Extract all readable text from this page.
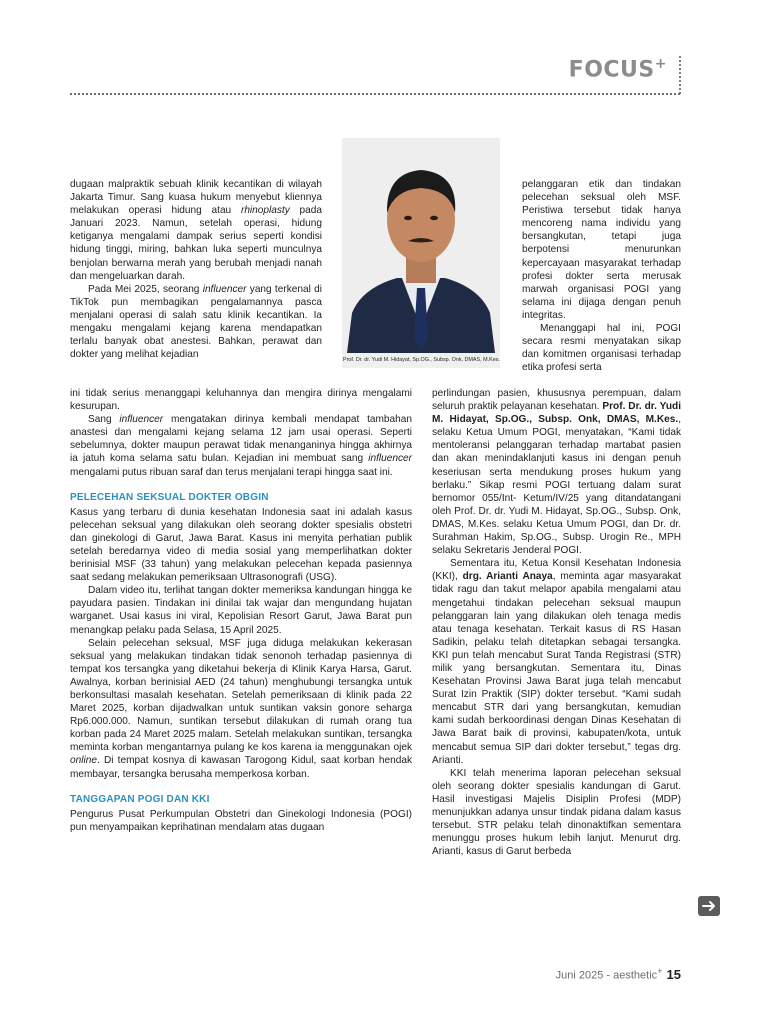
FOCUS+
Prof. Dr. dr. Yudi M. Hidayat, Sp.OG., Subsp. Onk, DMAS, M.Kes.

dugaan malpraktik sebuah klinik kecantikan di wilayah Jakarta Timur. Sang kuasa hukum menyebut kliennya melakukan operasi hidung atau rhinoplasty pada Januari 2023. Namun, setelah operasi, hidung ketiganya mengalami dampak serius seperti kondisi hidung tinggi, miring, bahkan luka seperti munculnya benjolan berwarna merah yang berubah menjadi nanah dan mengeluarkan darah.

Pada Mei 2025, seorang influencer yang terkenal di TikTok pun membagikan pengalamannya pasca menjalani operasi di salah satu klinik kecantikan. Ia mengaku mengalami kejang karena mendapatkan terlalu banyak obat anestesi. Bahkan, perawat dan dokter yang melihat kejadian

ini tidak serius menanggapi keluhannya dan mengira dirinya mengalami kesurupan.

Sang influencer mengatakan dirinya kembali mendapat tambahan anastesi dan mengalami kejang selama 12 jam usai operasi. Seperti sebelumnya, dokter maupun perawat tidak menanganinya hingga akhirnya ia jatuh koma selama satu bulan. Kejadian ini membuat sang influencer mengalami putus ribuan saraf dan terus menjalani terapi hingga saat ini.

PELECEHAN SEKSUAL DOKTER OBGIN

Kasus yang terbaru di dunia kesehatan Indonesia saat ini adalah kasus pelecehan seksual yang dilakukan oleh seorang dokter spesialis obstetri dan ginekologi di Garut, Jawa Barat. Kasus ini menyita perhatian publik setelah beredarnya video di media sosial yang memperlihatkan dokter berinisial MSF (33 tahun) yang melakukan pelecehan kepada pasiennya saat sedang melakukan pemeriksaan Ultrasonografi (USG).

Dalam video itu, terlihat tangan dokter memeriksa kandungan hingga ke payudara pasien. Tindakan ini dinilai tak wajar dan mengundang hujatan warganet. Usai kasus ini viral, Kepolisian Resort Garut, Jawa Barat pun menangkap pelaku pada Selasa, 15 April 2025.

Selain pelecehan seksual, MSF juga diduga melakukan kekerasan seksual yang melakukan tindakan tidak senonoh terhadap pasiennya di tempat kos tersangka yang diketahui bekerja di Klinik Karya Harsa, Garut. Awalnya, korban berinisial AED (24 tahun) menghubungi tersangka untuk berkonsultasi masalah kesehatan. Setelah pemeriksaan di klinik pada 22 Maret 2025, korban dijadwalkan untuk suntikan vaksin gonore seharga Rp6.000.000. Namun, suntikan tersebut dilakukan di rumah orang tua korban pada 24 Maret 2025 malam. Setelah melakukan suntikan, tersangka meminta korban mengantarnya pulang ke kos karena ia menggunakan ojek online. Di tempat kosnya di kawasan Tarogong Kidul, saat korban hendak membayar, tersangka berusaha memperkosa korban.

TANGGAPAN POGI DAN KKI

Pengurus Pusat Perkumpulan Obstetri dan Ginekologi Indonesia (POGI) pun menyampaikan keprihatinan mendalam atas dugaan

pelanggaran etik dan tindakan pelecehan seksual oleh MSF. Peristiwa tersebut tidak hanya mencoreng nama individu yang bersangkutan, tetapi juga berpotensi menurunkan kepercayaan masyarakat terhadap profesi dokter serta merusak marwah organisasi POGI yang selama ini dijaga dengan penuh integritas.

Menanggapi hal ini, POGI secara resmi menyatakan sikap dan komitmen organisasi terhadap etika profesi serta

perlindungan pasien, khususnya perempuan, dalam seluruh praktik pelayanan kesehatan. Prof. Dr. dr. Yudi M. Hidayat, Sp.OG., Subsp. Onk, DMAS, M.Kes., selaku Ketua Umum POGI, menyatakan, “Kami tidak mentoleransi pelanggaran terhadap martabat pasien dan akan menindaklanjuti kasus ini dengan penuh keseriusan serta mendukung proses hukum yang berlaku.” Sikap resmi POGI tertuang dalam surat bernomor 055/Int- Ketum/IV/25 yang ditandatangani oleh Prof. Dr. dr. Yudi M. Hidayat, Sp.OG., Subsp. Onk, DMAS, M.Kes. selaku Ketua Umum POGI, dan Dr. dr. Surahman Hakim, Sp.OG., Subsp. Urogin Re., MPH selaku Sekretaris Jenderal POGI.

Sementara itu, Ketua Konsil Kesehatan Indonesia (KKI), drg. Arianti Anaya, meminta agar masyarakat tidak ragu dan takut melapor apabila mengalami atau mengetahui tindakan pelecehan seksual maupun pelanggaran lain yang dilakukan oleh tenaga medis atau tenaga kesehatan. Terkait kasus di RS Hasan Sadikin, pelaku telah ditetapkan sebagai tersangka. KKI pun telah mencabut Surat Tanda Registrasi (STR) milik yang bersangkutan. Sementara itu, Dinas Kesehatan Provinsi Jawa Barat juga telah mencabut Surat Izin Praktik (SIP) dokter tersebut. “Kami sudah mencabut STR dari yang bersangkutan, kemudian kami sudah berkoordinasi dengan Dinas Kesehatan di Jawa Barat baik di provinsi, kabupaten/kota, untuk mencabut semua SIP dari dokter tersebut,” tegas drg. Arianti.

KKI telah menerima laporan pelecehan seksual oleh seorang dokter spesialis kandungan di Garut. Hasil investigasi Majelis Disiplin Profesi (MDP) menunjukkan adanya unsur tindak pidana dalam kasus tersebut. STR pelaku telah dinonaktifkan sementara menunggu proses hukum lebih lanjut. Menurut drg. Arianti, kasus di Garut berbeda

Juni 2025 - aesthetic+ 15
